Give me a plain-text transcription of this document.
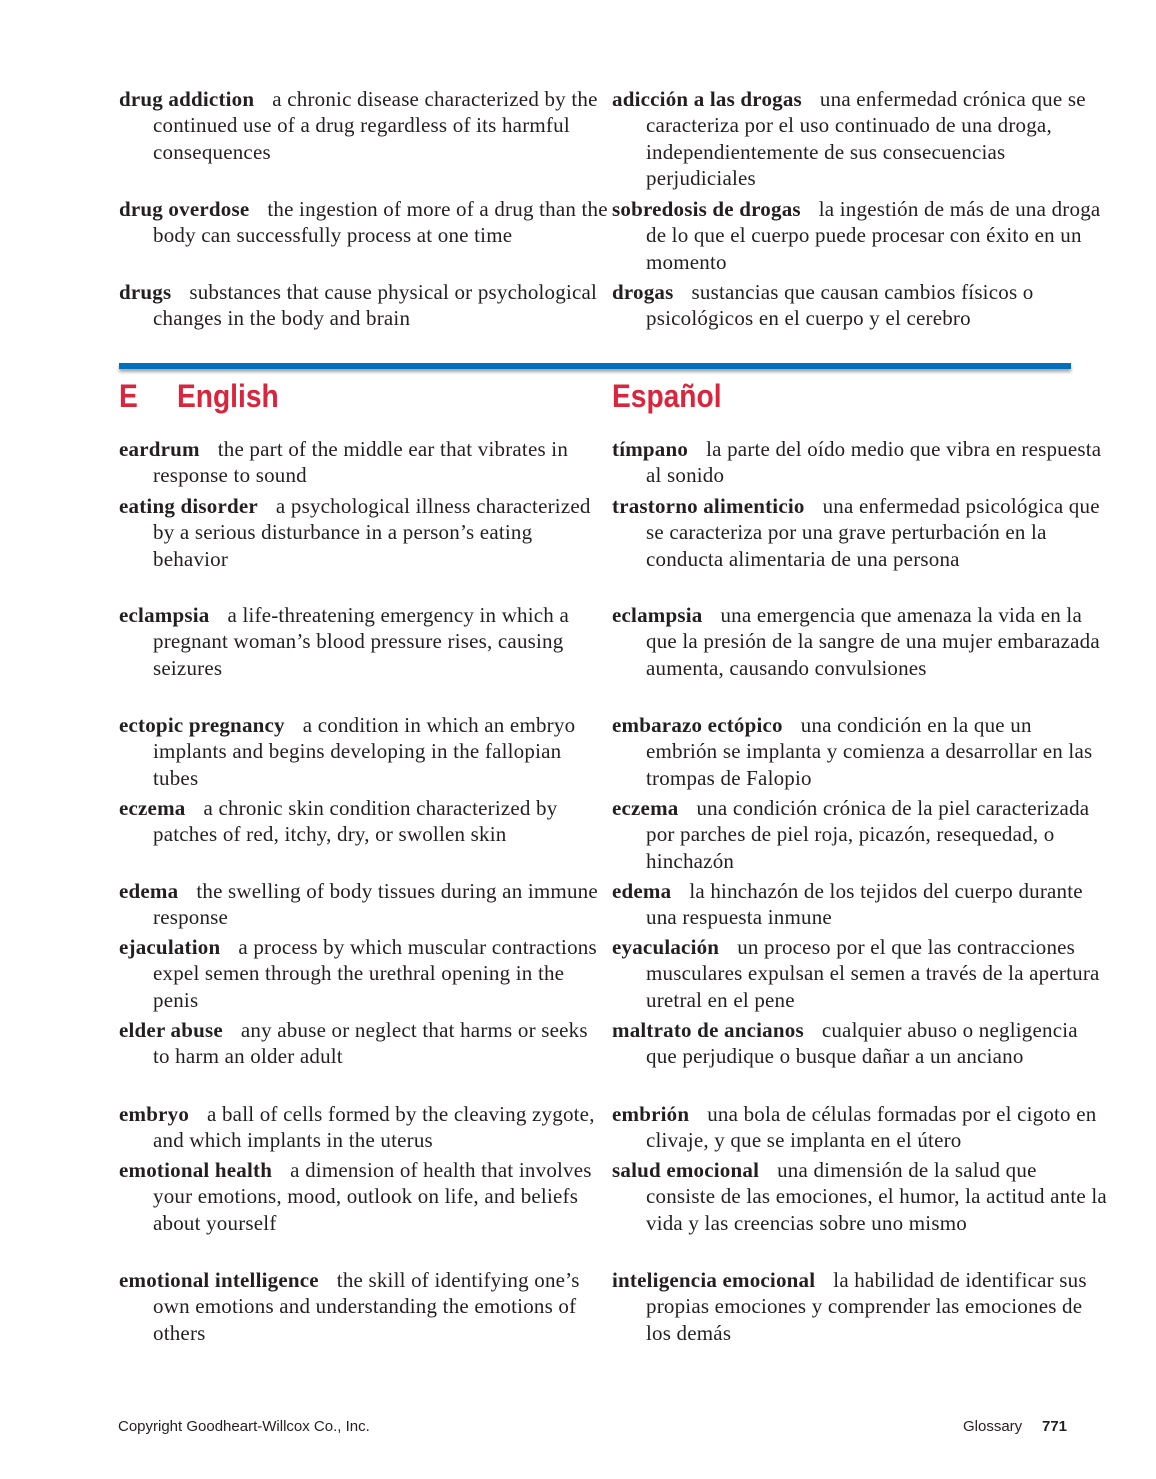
drug addiction a chronic disease characterized by the continued use of a drug regardless of its harmful consequences
adicción a las drogas una enfermedad crónica que se caracteriza por el uso continuado de una droga, independientemente de sus consecuencias perjudiciales
drug overdose the ingestion of more of a drug than the body can successfully process at one time
sobredosis de drogas la ingestión de más de una droga de lo que el cuerpo puede procesar con éxito en un momento
drugs substances that cause physical or psychological changes in the body and brain
drogas sustancias que causan cambios físicos o psicológicos en el cuerpo y el cerebro
eardrum the part of the middle ear that vibrates in response to sound
tímpano la parte del oído medio que vibra en respuesta al sonido
eating disorder a psychological illness characterized by a serious disturbance in a person’s eating behavior
trastorno alimenticio una enfermedad psicológica que se caracteriza por una grave perturbación en la conducta alimentaria de una persona
eclampsia a life-threatening emergency in which a pregnant woman’s blood pressure rises, causing seizures
eclampsia una emergencia que amenaza la vida en la que la presión de la sangre de una mujer embarazada aumenta, causando convulsiones
ectopic pregnancy a condition in which an embryo implants and begins developing in the fallopian tubes
embarazo ectópico una condición en la que un embrión se implanta y comienza a desarrollar en las trompas de Falopio
eczema a chronic skin condition characterized by patches of red, itchy, dry, or swollen skin
eczema una condición crónica de la piel caracterizada por parches de piel roja, picazón, resequedad, o hinchazón
edema the swelling of body tissues during an immune response
edema la hinchazón de los tejidos del cuerpo durante una respuesta inmune
ejaculation a process by which muscular contractions expel semen through the urethral opening in the penis
eyaculación un proceso por el que las contracciones musculares expulsan el semen a través de la apertura uretral en el pene
elder abuse any abuse or neglect that harms or seeks to harm an older adult
maltrato de ancianos cualquier abuso o negligencia que perjudique o busque dañar a un anciano
embryo a ball of cells formed by the cleaving zygote, and which implants in the uterus
embrión una bola de células formadas por el cigoto en clivaje, y que se implanta en el útero
emotional health a dimension of health that involves your emotions, mood, outlook on life, and beliefs about yourself
salud emocional una dimensión de la salud que consiste de las emociones, el humor, la actitud ante la vida y las creencias sobre uno mismo
emotional intelligence the skill of identifying one’s own emotions and understanding the emotions of others
inteligencia emocional la habilidad de identificar sus propias emociones y comprender las emociones de los demás
E English	Español
Copyright Goodheart-Willcox Co., Inc.	Glossary 771
